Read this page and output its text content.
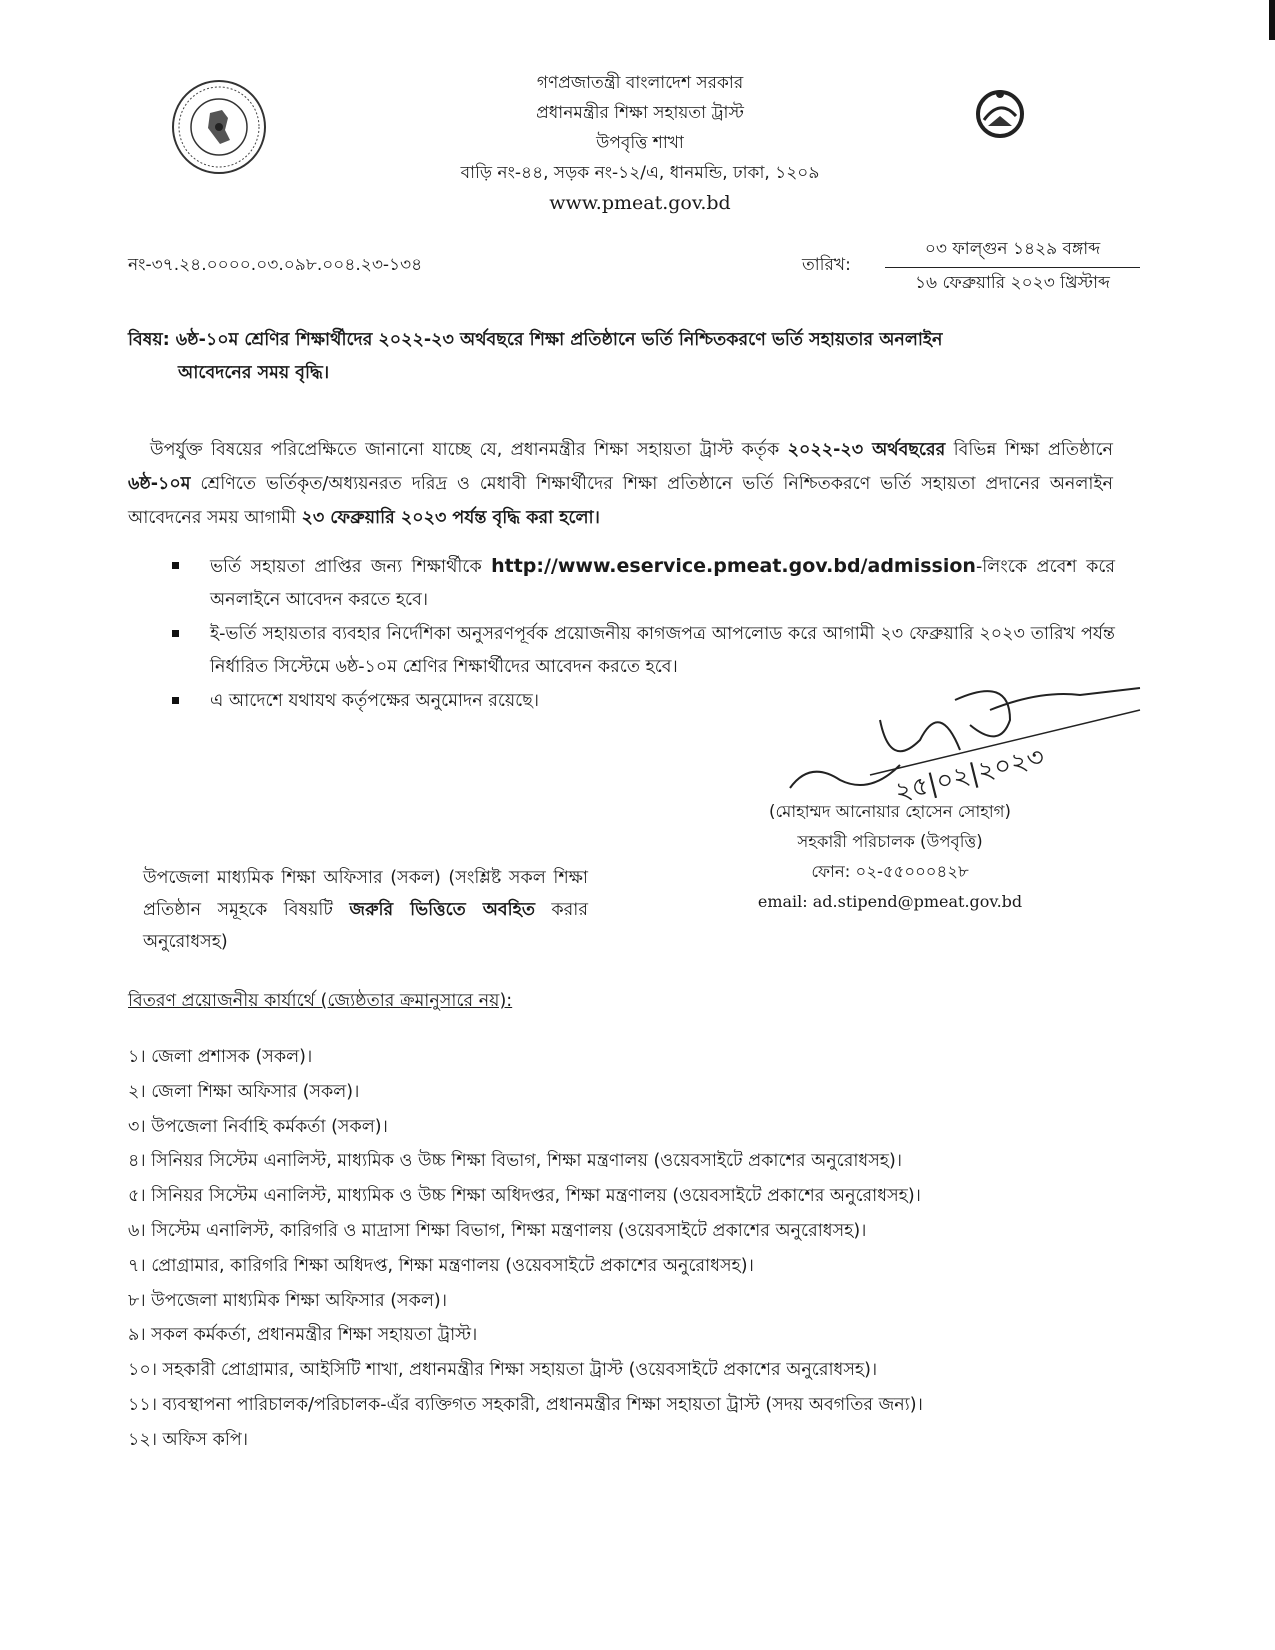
গণপ্রজাতন্ত্রী বাংলাদেশ সরকার
প্রধানমন্ত্রীর শিক্ষা সহায়তা ট্রাস্ট
উপবৃত্তি শাখা
বাড়ি নং-৪৪, সড়ক নং-১২/এ, ধানমন্ডি, ঢাকা, ১২০৯
www.pmeat.gov.bd
নং-৩৭.২৪.০০০০.০৩.০৯৮.০০৪.২৩-১৩৪	তারিখ:
০৩ ফাল্গুন ১৪২৯ বঙ্গাব্দ
১৬ ফেব্রুয়ারি ২০২৩ খ্রিস্টাব্দ
বিষয়: ৬ষ্ঠ-১০ম শ্রেণির শিক্ষার্থীদের ২০২২-২৩ অর্থবছরে শিক্ষা প্রতিষ্ঠানে ভর্তি নিশ্চিতকরণে ভর্তি সহায়তার অনলাইন
আবেদনের সময় বৃদ্ধি।
উপর্যুক্ত বিষয়ের পরিপ্রেক্ষিতে জানানো যাচ্ছে যে, প্রধানমন্ত্রীর শিক্ষা সহায়তা ট্রাস্ট কর্তৃক ২০২২-২৩ অর্থবছরের বিভিন্ন শিক্ষা প্রতিষ্ঠানে ৬ষ্ঠ-১০ম শ্রেণিতে ভর্তিকৃত/অধ্যয়নরত দরিদ্র ও মেধাবী শিক্ষার্থীদের শিক্ষা প্রতিষ্ঠানে ভর্তি নিশ্চিতকরণে ভর্তি সহায়তা প্রদানের অনলাইন আবেদনের সময় আগামী ২৩ ফেব্রুয়ারি ২০২৩ পর্যন্ত বৃদ্ধি করা হলো।
ভর্তি সহায়তা প্রাপ্তির জন্য শিক্ষার্থীকে http://www.eservice.pmeat.gov.bd/admission-লিংকে প্রবেশ করে অনলাইনে আবেদন করতে হবে।
ই-ভর্তি সহায়তার ব্যবহার নির্দেশিকা অনুসরণপূর্বক প্রয়োজনীয় কাগজপত্র আপলোড করে আগামী ২৩ ফেব্রুয়ারি ২০২৩ তারিখ পর্যন্ত নির্ধারিত সিস্টেমে ৬ষ্ঠ-১০ম শ্রেণির শিক্ষার্থীদের আবেদন করতে হবে।
এ আদেশে যথাযথ কর্তৃপক্ষের অনুমোদন রয়েছে।
২৫|০২|২০২৩
(মোহাম্মদ আনোয়ার হোসেন সোহাগ)
সহকারী পরিচালক (উপবৃত্তি)
ফোন: ০২-৫৫০০০৪২৮
email: ad.stipend@pmeat.gov.bd
উপজেলা মাধ্যমিক শিক্ষা অফিসার (সকল) (সংশ্লিষ্ট সকল শিক্ষা প্রতিষ্ঠান সমূহকে বিষয়টি জরুরি ভিত্তিতে অবহিত করার অনুরোধসহ)
বিতরণ প্রয়োজনীয় কার্যার্থে (জ্যেষ্ঠতার ক্রমানুসারে নয়):
১। জেলা প্রশাসক (সকল)।
২। জেলা শিক্ষা অফিসার (সকল)।
৩। উপজেলা নির্বাহি কর্মকর্তা (সকল)।
৪। সিনিয়র সিস্টেম এনালিস্ট, মাধ্যমিক ও উচ্চ শিক্ষা বিভাগ, শিক্ষা মন্ত্রণালয় (ওয়েবসাইটে প্রকাশের অনুরোধসহ)।
৫। সিনিয়র সিস্টেম এনালিস্ট, মাধ্যমিক ও উচ্চ শিক্ষা অধিদপ্তর, শিক্ষা মন্ত্রণালয় (ওয়েবসাইটে প্রকাশের অনুরোধসহ)।
৬। সিস্টেম এনালিস্ট, কারিগরি ও মাদ্রাসা শিক্ষা বিভাগ, শিক্ষা মন্ত্রণালয় (ওয়েবসাইটে প্রকাশের অনুরোধসহ)।
৭। প্রোগ্রামার, কারিগরি শিক্ষা অধিদপ্ত, শিক্ষা মন্ত্রণালয় (ওয়েবসাইটে প্রকাশের অনুরোধসহ)।
৮। উপজেলা মাধ্যমিক শিক্ষা অফিসার (সকল)।
৯। সকল কর্মকর্তা, প্রধানমন্ত্রীর শিক্ষা সহায়তা ট্রাস্ট।
১০। সহকারী প্রোগ্রামার, আইসিটি শাখা, প্রধানমন্ত্রীর শিক্ষা সহায়তা ট্রাস্ট (ওয়েবসাইটে প্রকাশের অনুরোধসহ)।
১১। ব্যবস্থাপনা পারিচালক/পরিচালক-এঁর ব্যক্তিগত সহকারী, প্রধানমন্ত্রীর শিক্ষা সহায়তা ট্রাস্ট (সদয় অবগতির জন্য)।
১২। অফিস কপি।
